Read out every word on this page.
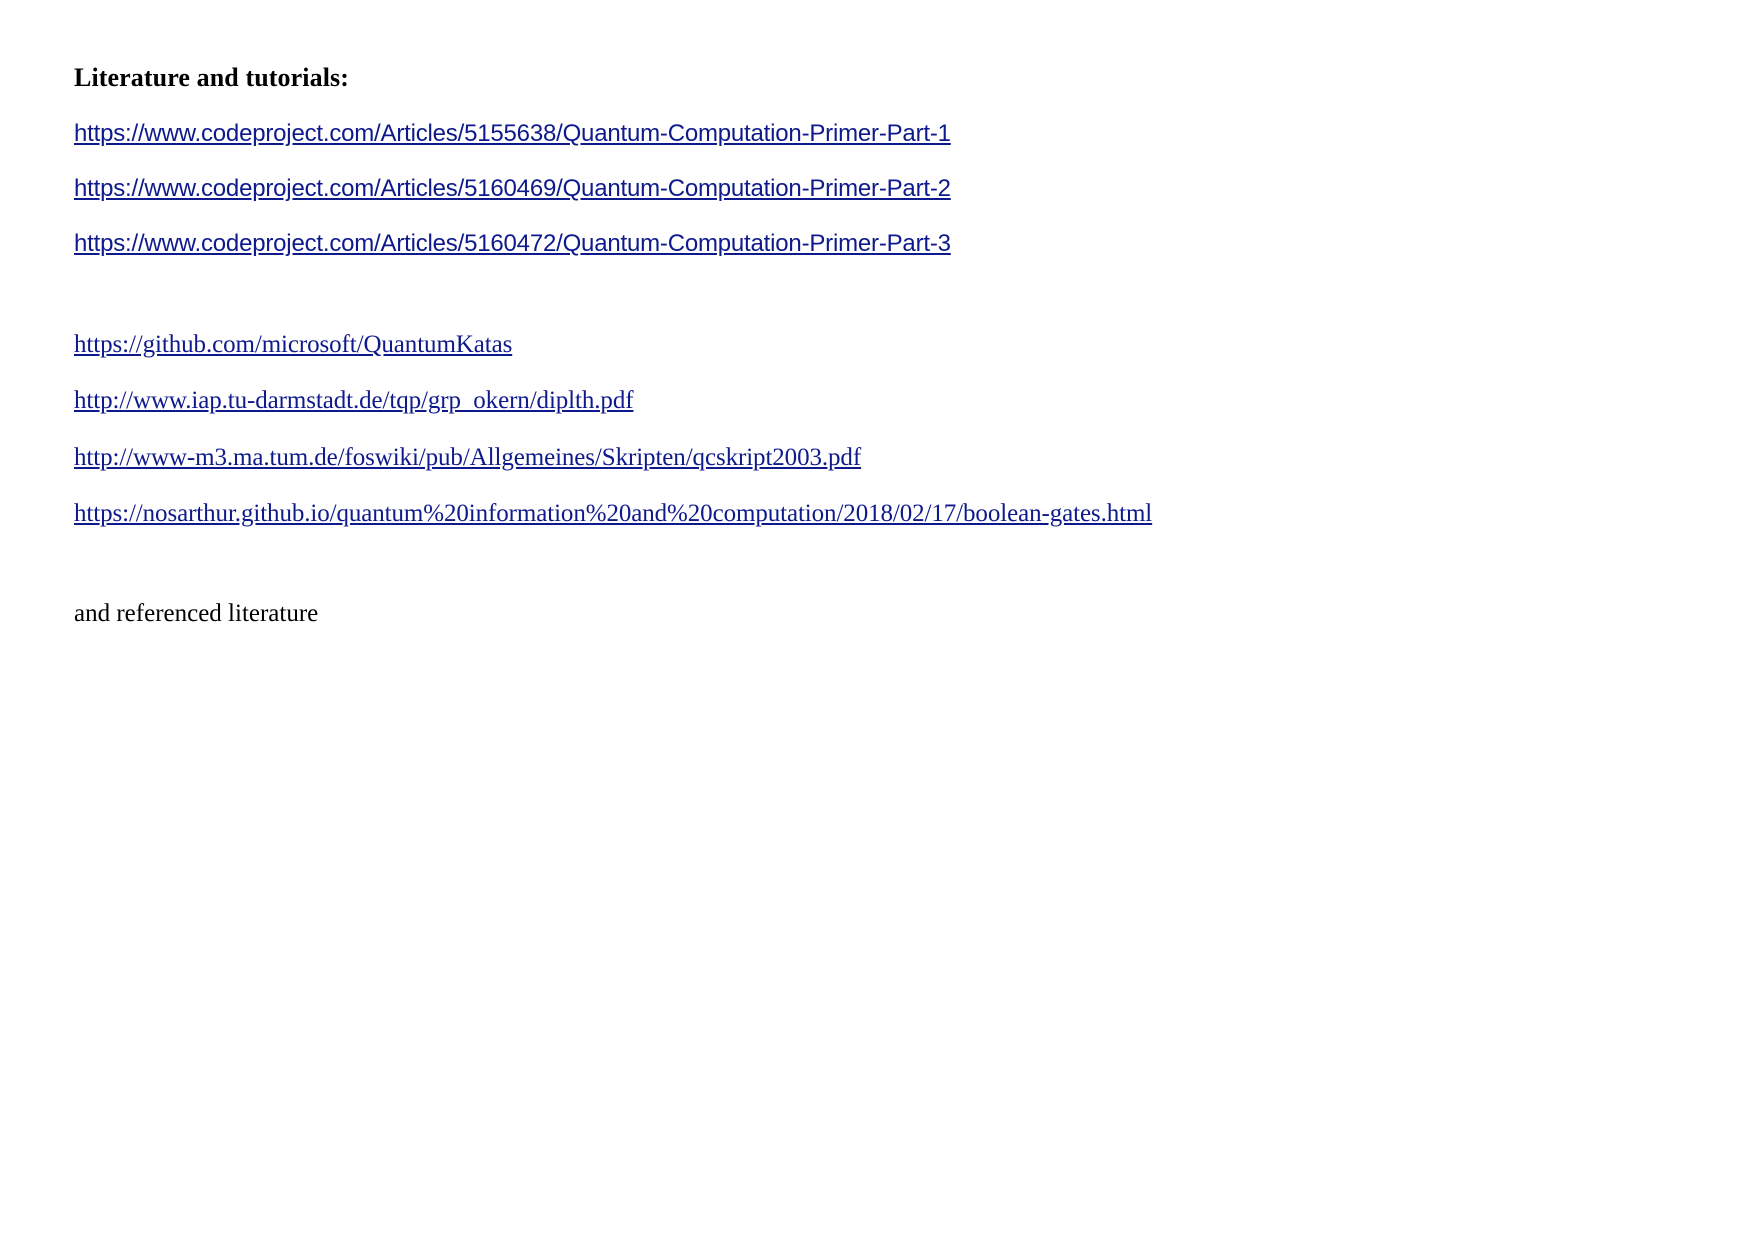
Literature and tutorials:

https://www.codeproject.com/Articles/5155638/Quantum-Computation-Primer-Part-1

https://www.codeproject.com/Articles/5160469/Quantum-Computation-Primer-Part-2

https://www.codeproject.com/Articles/5160472/Quantum-Computation-Primer-Part-3

https://github.com/microsoft/QuantumKatas

http://www.iap.tu-darmstadt.de/tqp/grp_okern/diplth.pdf

http://www-m3.ma.tum.de/foswiki/pub/Allgemeines/Skripten/qcskript2003.pdf

https://nosarthur.github.io/quantum%20information%20and%20computation/2018/02/17/boolean-gates.html

and referenced literature
